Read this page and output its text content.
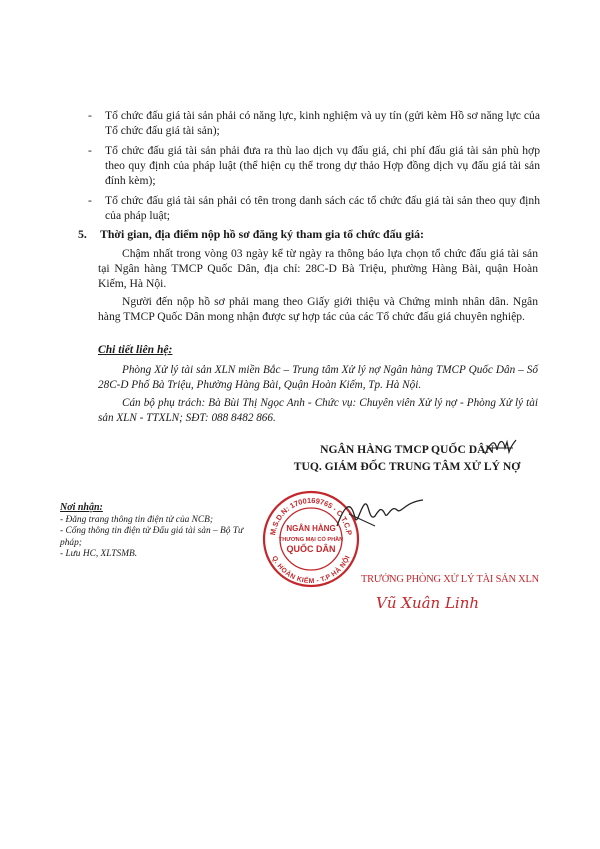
- Tổ chức đấu giá tài sản phải có năng lực, kinh nghiệm và uy tín (gửi kèm Hồ sơ năng lực của Tổ chức đấu giá tài sản);
- Tổ chức đấu giá tài sản phải đưa ra thù lao dịch vụ đấu giá, chi phí đấu giá tài sản phù hợp theo quy định của pháp luật (thể hiện cụ thể trong dự thảo Hợp đồng dịch vụ đấu giá tài sản đính kèm);
- Tổ chức đấu giá tài sản phải có tên trong danh sách các tổ chức đấu giá tài sản theo quy định của pháp luật;
5. Thời gian, địa điểm nộp hồ sơ đăng ký tham gia tổ chức đấu giá:
Chậm nhất trong vòng 03 ngày kể từ ngày ra thông báo lựa chọn tổ chức đấu giá tài sản tại Ngân hàng TMCP Quốc Dân, địa chỉ: 28C-D Bà Triệu, phường Hàng Bài, quận Hoàn Kiếm, Hà Nội.
Người đến nộp hồ sơ phải mang theo Giấy giới thiệu và Chứng minh nhân dân. Ngân hàng TMCP Quốc Dân mong nhận được sự hợp tác của các Tổ chức đấu giá chuyên nghiệp.
Chi tiết liên hệ:
Phòng Xử lý tài sản XLN miền Bắc – Trung tâm Xử lý nợ Ngân hàng TMCP Quốc Dân – Số 28C-D Phố Bà Triệu, Phường Hàng Bài, Quận Hoàn Kiếm, Tp. Hà Nội.
Cán bộ phụ trách: Bà Bùi Thị Ngọc Anh - Chức vụ: Chuyên viên Xử lý nợ - Phòng Xử lý tài sản XLN - TTXLN; SĐT: 088 8482 866.
NGÂN HÀNG TMCP QUỐC DÂN
TUQ. GIÁM ĐỐC TRUNG TÂM XỬ LÝ NỢ
Nơi nhận:
- Đăng trang thông tin điện tử của NCB;
- Cổng thông tin điện tử Đấu giá tài sản – Bộ Tư pháp;
- Lưu HC, XLTSMB.
M.S.D.N: 1700169765 - C.T.C.P
Q. HOÀN KIẾM - T.P HÀ NỘI
NGÂN HÀNG
THƯƠNG MẠI CỔ PHẦN
QUỐC DÂN
TRƯỞNG PHÒNG XỬ LÝ TÀI SẢN XLN
Vũ Xuân Linh
